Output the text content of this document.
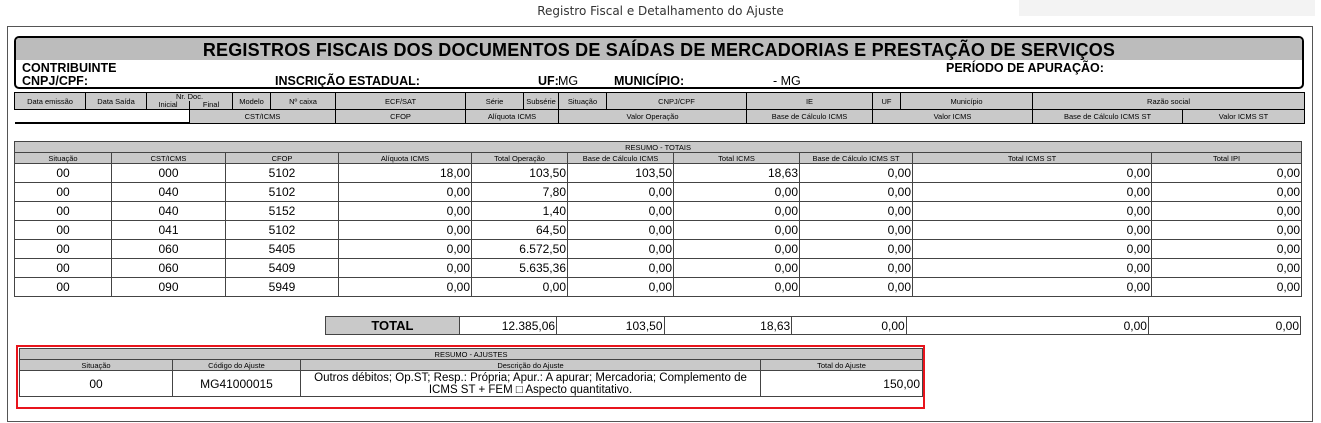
Registro Fiscal e Detalhamento do Ajuste
REGISTROS FISCAIS DOS DOCUMENTOS DE SAÍDAS DE MERCADORIAS E PRESTAÇÃO DE SERVIÇOS
CONTRIBUINTE
CNPJ/CPF:	INSCRIÇÃO ESTADUAL:	UF: MG	MUNICÍPIO:	- MG
PERÍODO DE APURAÇÃO:
Data emissão	Data Saída	Nr. Doc.
Inicial Final		Modelo	Nº caixa	ECF/SAT	Série	Subsérie	Situação	CNPJ/CPF	IE	UF	Município	Razão social		
			CST/ICMS			CFOP	Alíquota ICMS		Valor Operação		Base de Cálculo ICMS	Valor ICMS		Base de Cálculo ICMS ST	Valor ICMS ST	
RESUMO - TOTAIS									
Situação	CST/ICMS	CFOP	Alíquota ICMS	Total Operação	Base de Cálculo ICMS	Total ICMS	Base de Cálculo ICMS ST	Total ICMS ST	Total IPI
00	000	5102	18,00	103,50	103,50	18,63	0,00	0,00	0,00
00	040	5102	0,00	7,80	0,00	0,00	0,00	0,00	0,00
00	040	5152	0,00	1,40	0,00	0,00	0,00	0,00	0,00
00	041	5102	0,00	64,50	0,00	0,00	0,00	0,00	0,00
00	060	5405	0,00	6.572,50	0,00	0,00	0,00	0,00	0,00
00	060	5409	0,00	5.635,36	0,00	0,00	0,00	0,00	0,00
00	090	5949	0,00	0,00	0,00	0,00	0,00	0,00	0,00
TOTAL	12.385,06	103,50	18,63	0,00	0,00	0,00
RESUMO - AJUSTES			
Situação	Código do Ajuste	Descrição do Ajuste	Total do Ajuste
00	MG41000015	Outros débitos; Op.ST; Resp.: Própria; Apur.: A apurar; Mercadoria; Complemento de ICMS ST + FEM □ Aspecto quantitativo.	150,00
